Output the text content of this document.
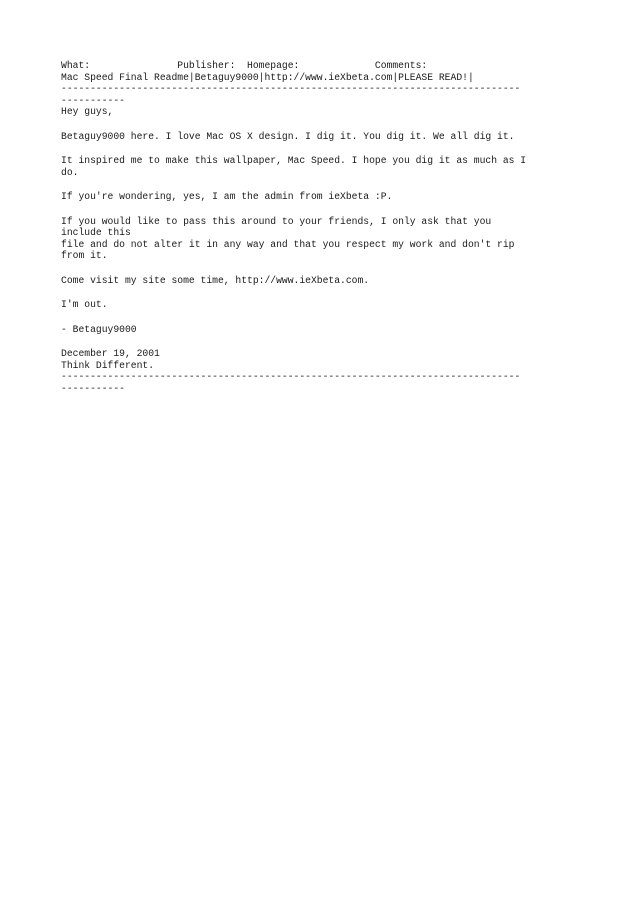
What:               Publisher:  Homepage:             Comments:
Mac Speed Final Readme|Betaguy9000|http://www.ieXbeta.com|PLEASE READ!|
-------------------------------------------------------------------------------
-----------
Hey guys,
Betaguy9000 here. I love Mac OS X design. I dig it. You dig it. We all dig it.
It inspired me to make this wallpaper, Mac Speed. I hope you dig it as much as I
do.
If you're wondering, yes, I am the admin from ieXbeta :P.
If you would like to pass this around to your friends, I only ask that you
include this
file and do not alter it in any way and that you respect my work and don't rip
from it.
Come visit my site some time, http://www.ieXbeta.com.
I'm out.
- Betaguy9000
December 19, 2001
Think Different.
-------------------------------------------------------------------------------
-----------
